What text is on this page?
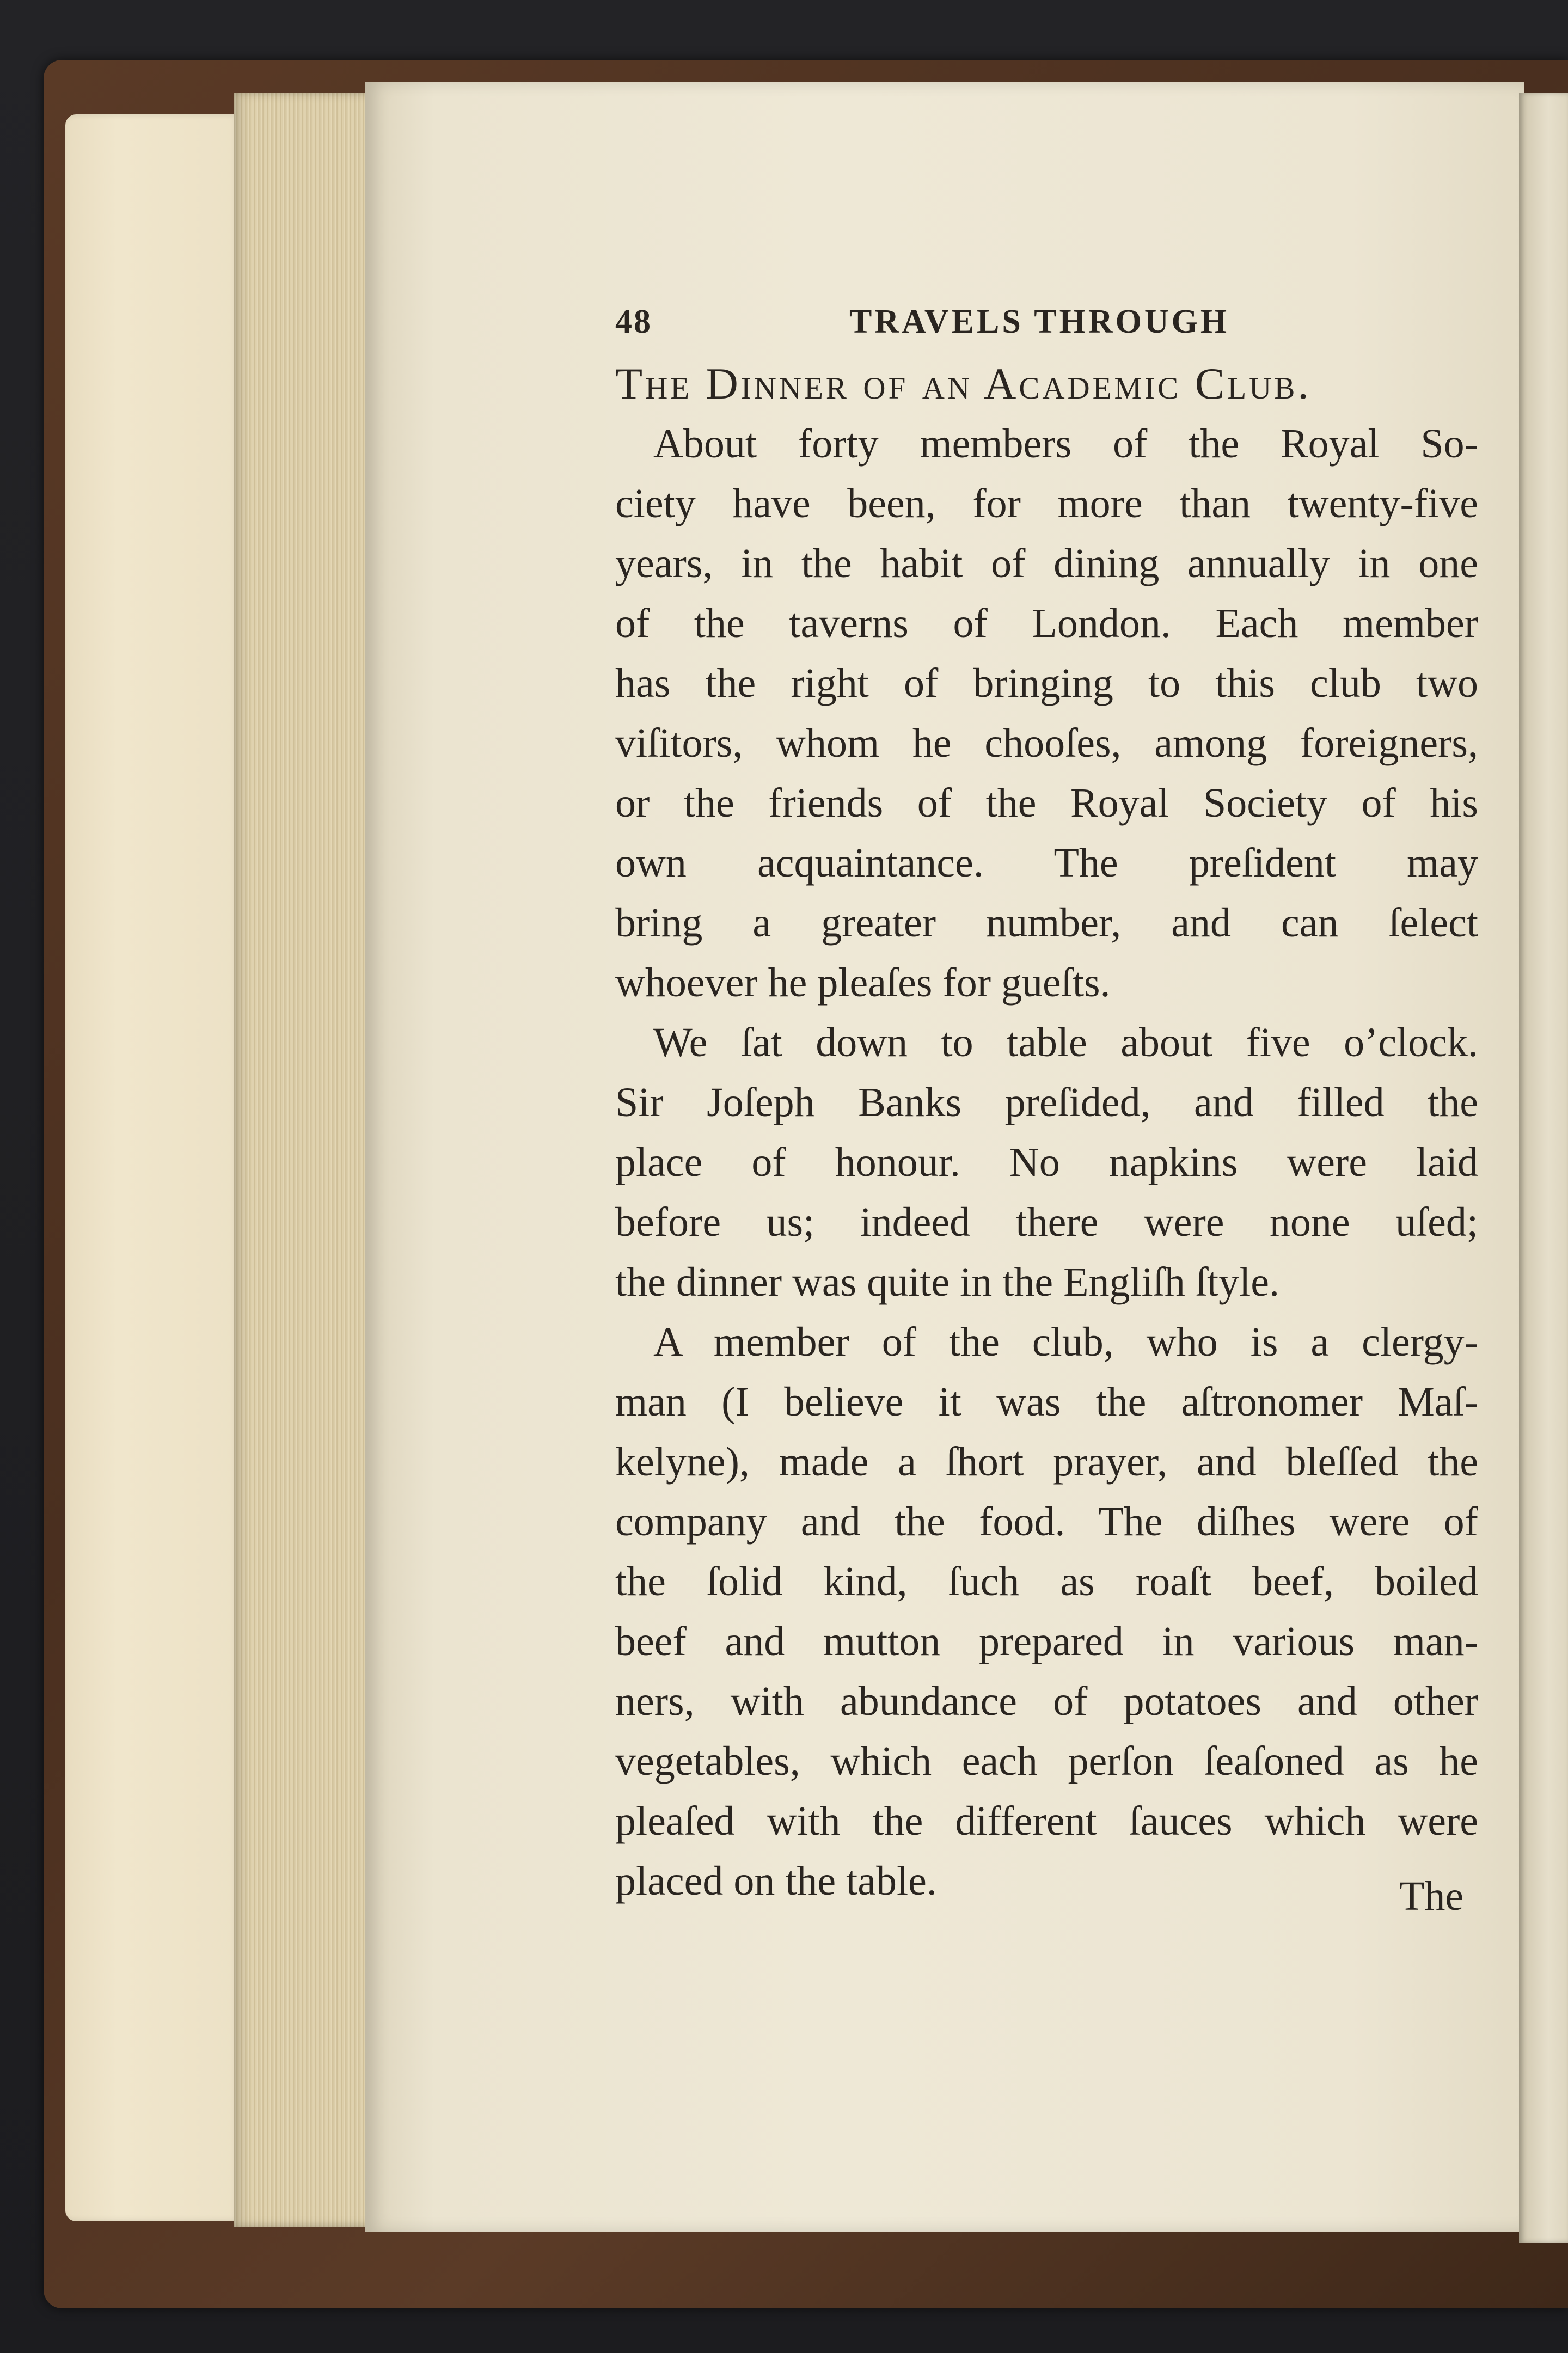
48	TRAVELS THROUGH
The Dinner of an Academic Club.
About forty members of the Royal So-
ciety have been, for more than twenty-five
years, in the habit of dining annually in one
of the taverns of London. Each member
has the right of bringing to this club two
viſitors, whom he chooſes, among foreigners,
or the friends of the Royal Society of his
own acquaintance. The preſident may
bring a greater number, and can ſelect
whoever he pleaſes for gueſts.
We ſat down to table about five o’clock.
Sir Joſeph Banks preſided, and filled the
place of honour. No napkins were laid
before us; indeed there were none uſed;
the dinner was quite in the Engliſh ſtyle.
A member of the club, who is a clergy-
man (I believe it was the aſtronomer Maſ-
kelyne), made a ſhort prayer, and bleſſed the
company and the food. The diſhes were of
the ſolid kind, ſuch as roaſt beef, boiled
beef and mutton prepared in various man-
ners, with abundance of potatoes and other
vegetables, which each perſon ſeaſoned as he
pleaſed with the different ſauces which were
placed on the table.	The
